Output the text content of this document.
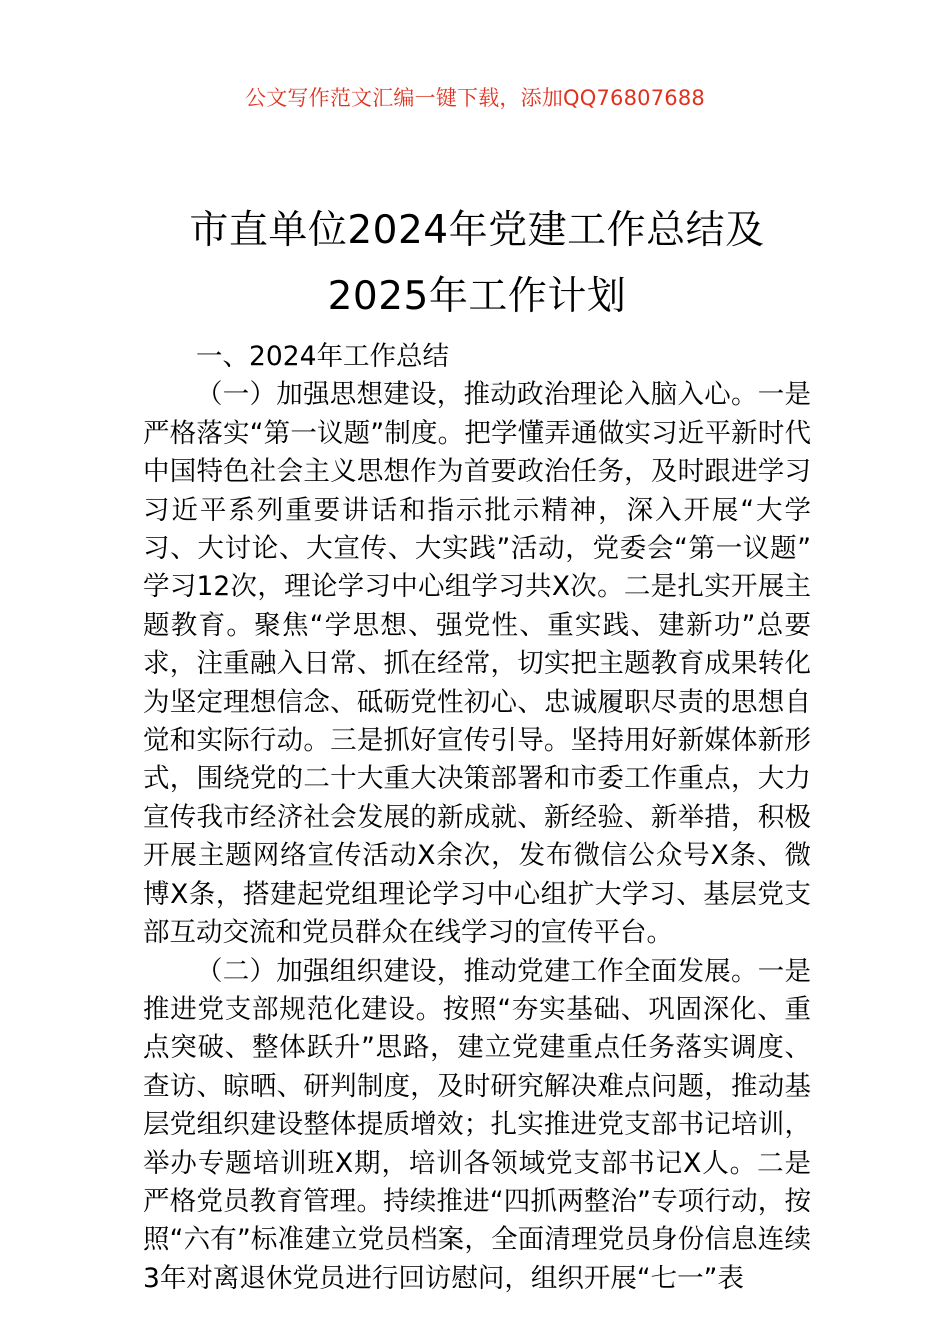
公文写作范文汇编一键下载，添加QQ76807688
市直单位2024年党建工作总结及2025年工作计划

一、2024年工作总结

（一）加强思想建设，推动政治理论入脑入心。一是严格落实“第一议题”制度。把学懂弄通做实习近平新时代中国特色社会主义思想作为首要政治任务，及时跟进学习习近平系列重要讲话和指示批示精神，深入开展“大学习、大讨论、大宣传、大实践”活动，党委会“第一议题”学习12次，理论学习中心组学习共X次。二是扎实开展主题教育。聚焦“学思想、强党性、重实践、建新功”总要求，注重融入日常、抓在经常，切实把主题教育成果转化为坚定理想信念、砥砺党性初心、忠诚履职尽责的思想自觉和实际行动。三是抓好宣传引导。坚持用好新媒体新形式，围绕党的二十大重大决策部署和市委工作重点，大力宣传我市经济社会发展的新成就、新经验、新举措，积极开展主题网络宣传活动X余次，发布微信公众号X条、微博X条，搭建起党组理论学习中心组扩大学习、基层党支部互动交流和党员群众在线学习的宣传平台。

（二）加强组织建设，推动党建工作全面发展。一是推进党支部规范化建设。按照“夯实基础、巩固深化、重点突破、整体跃升”思路，建立党建重点任务落实调度、查访、晾晒、研判制度，及时研究解决难点问题，推动基层党组织建设整体提质增效；扎实推进党支部书记培训，举办专题培训班X期，培训各领域党支部书记X人。二是严格党员教育管理。持续推进“四抓两整治”专项行动，按照“六有”标准建立党员档案，全面清理党员身份信息连续3年对离退休党员进行回访慰问，组织开展“七一”表
